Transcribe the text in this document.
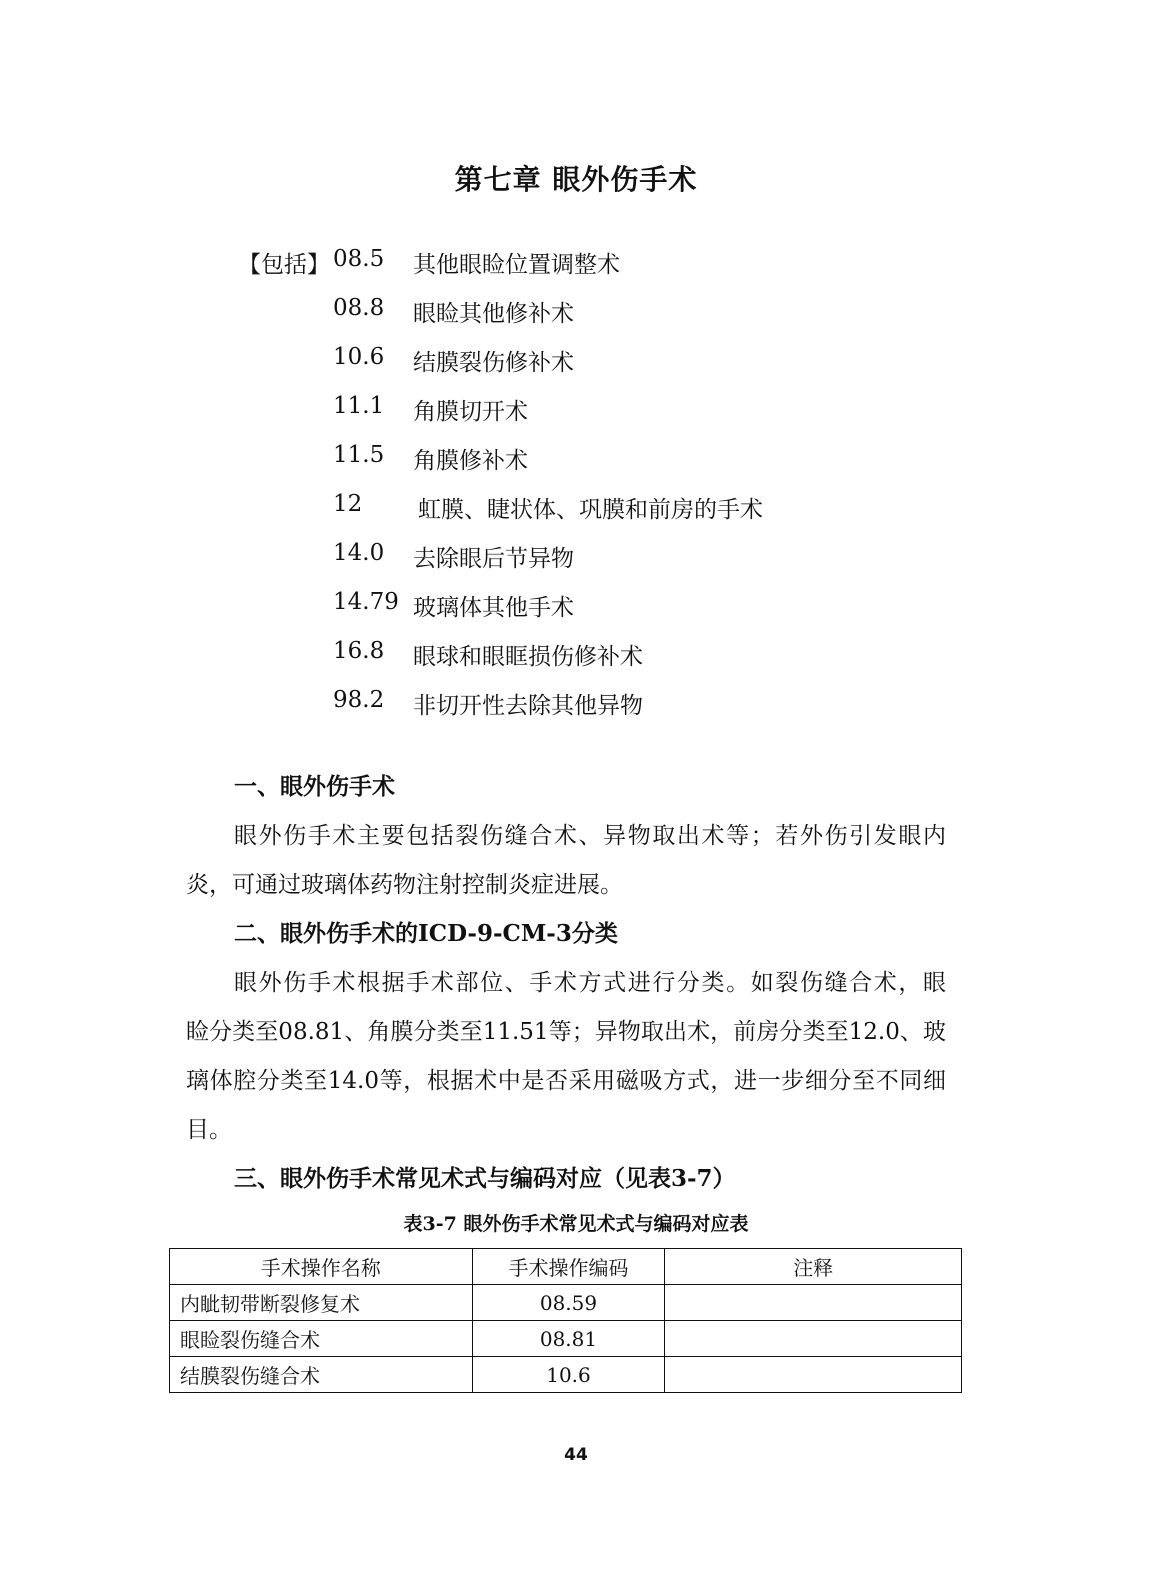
第七章 眼外伤手术
【包括】 08.5 其他眼睑位置调整术
08.8 眼睑其他修补术
10.6 结膜裂伤修补术
11.1 角膜切开术
11.5 角膜修补术
12 虹膜、睫状体、巩膜和前房的手术
14.0 去除眼后节异物
14.79 玻璃体其他手术
16.8 眼球和眼眶损伤修补术
98.2 非切开性去除其他异物
一、眼外伤手术
眼外伤手术主要包括裂伤缝合术、异物取出术等；若外伤引发眼内
炎，可通过玻璃体药物注射控制炎症进展。
二、眼外伤手术的ICD-9-CM-3分类
眼外伤手术根据手术部位、手术方式进行分类。如裂伤缝合术，眼
睑分类至08.81、角膜分类至11.51等；异物取出术，前房分类至12.0、玻
璃体腔分类至14.0等，根据术中是否采用磁吸方式，进一步细分至不同细
目。
三、眼外伤手术常见术式与编码对应（见表3-7）
表3-7 眼外伤手术常见术式与编码对应表
手术操作名称	手术操作编码	注释
内眦韧带断裂修复术	08.59	
眼睑裂伤缝合术	08.81	
结膜裂伤缝合术	10.6	
44
